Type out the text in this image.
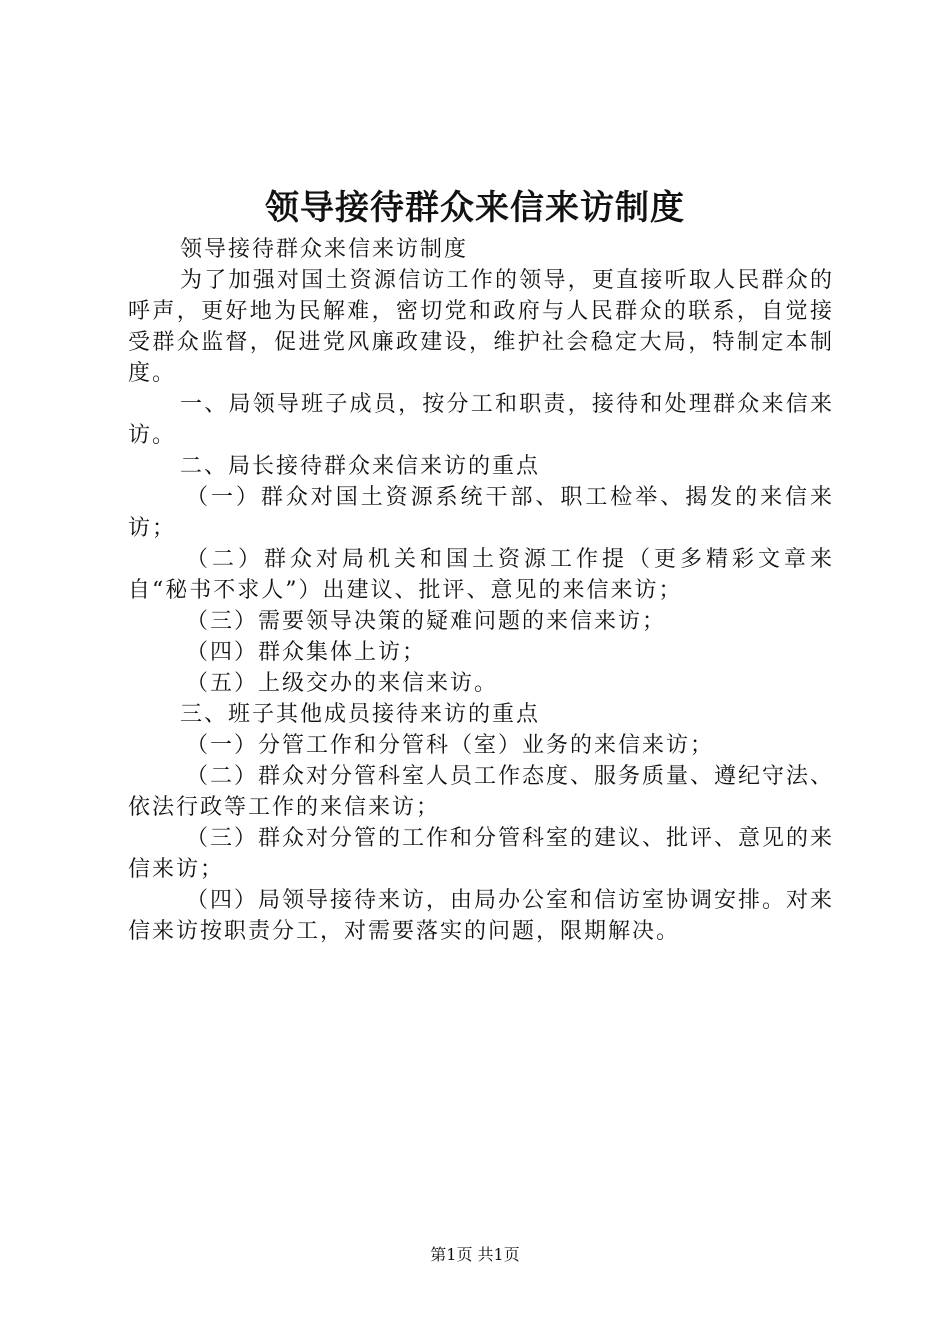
领导接待群众来信来访制度

领导接待群众来信来访制度

为了加强对国土资源信访工作的领导，更直接听取人民群众的呼声，更好地为民解难，密切党和政府与人民群众的联系，自觉接受群众监督，促进党风廉政建设，维护社会稳定大局，特制定本制度。

一、局领导班子成员，按分工和职责，接待和处理群众来信来访。

二、局长接待群众来信来访的重点

（一）群众对国土资源系统干部、职工检举、揭发的来信来访；

（二）群众对局机关和国土资源工作提（更多精彩文章来自“秘书不求人”）出建议、批评、意见的来信来访；

（三）需要领导决策的疑难问题的来信来访；

（四）群众集体上访；

（五）上级交办的来信来访。

三、班子其他成员接待来访的重点

（一）分管工作和分管科（室）业务的来信来访；

（二）群众对分管科室人员工作态度、服务质量、遵纪守法、依法行政等工作的来信来访；

（三）群众对分管的工作和分管科室的建议、批评、意见的来信来访；

（四）局领导接待来访，由局办公室和信访室协调安排。对来信来访按职责分工，对需要落实的问题，限期解决。

第1页 共1页
